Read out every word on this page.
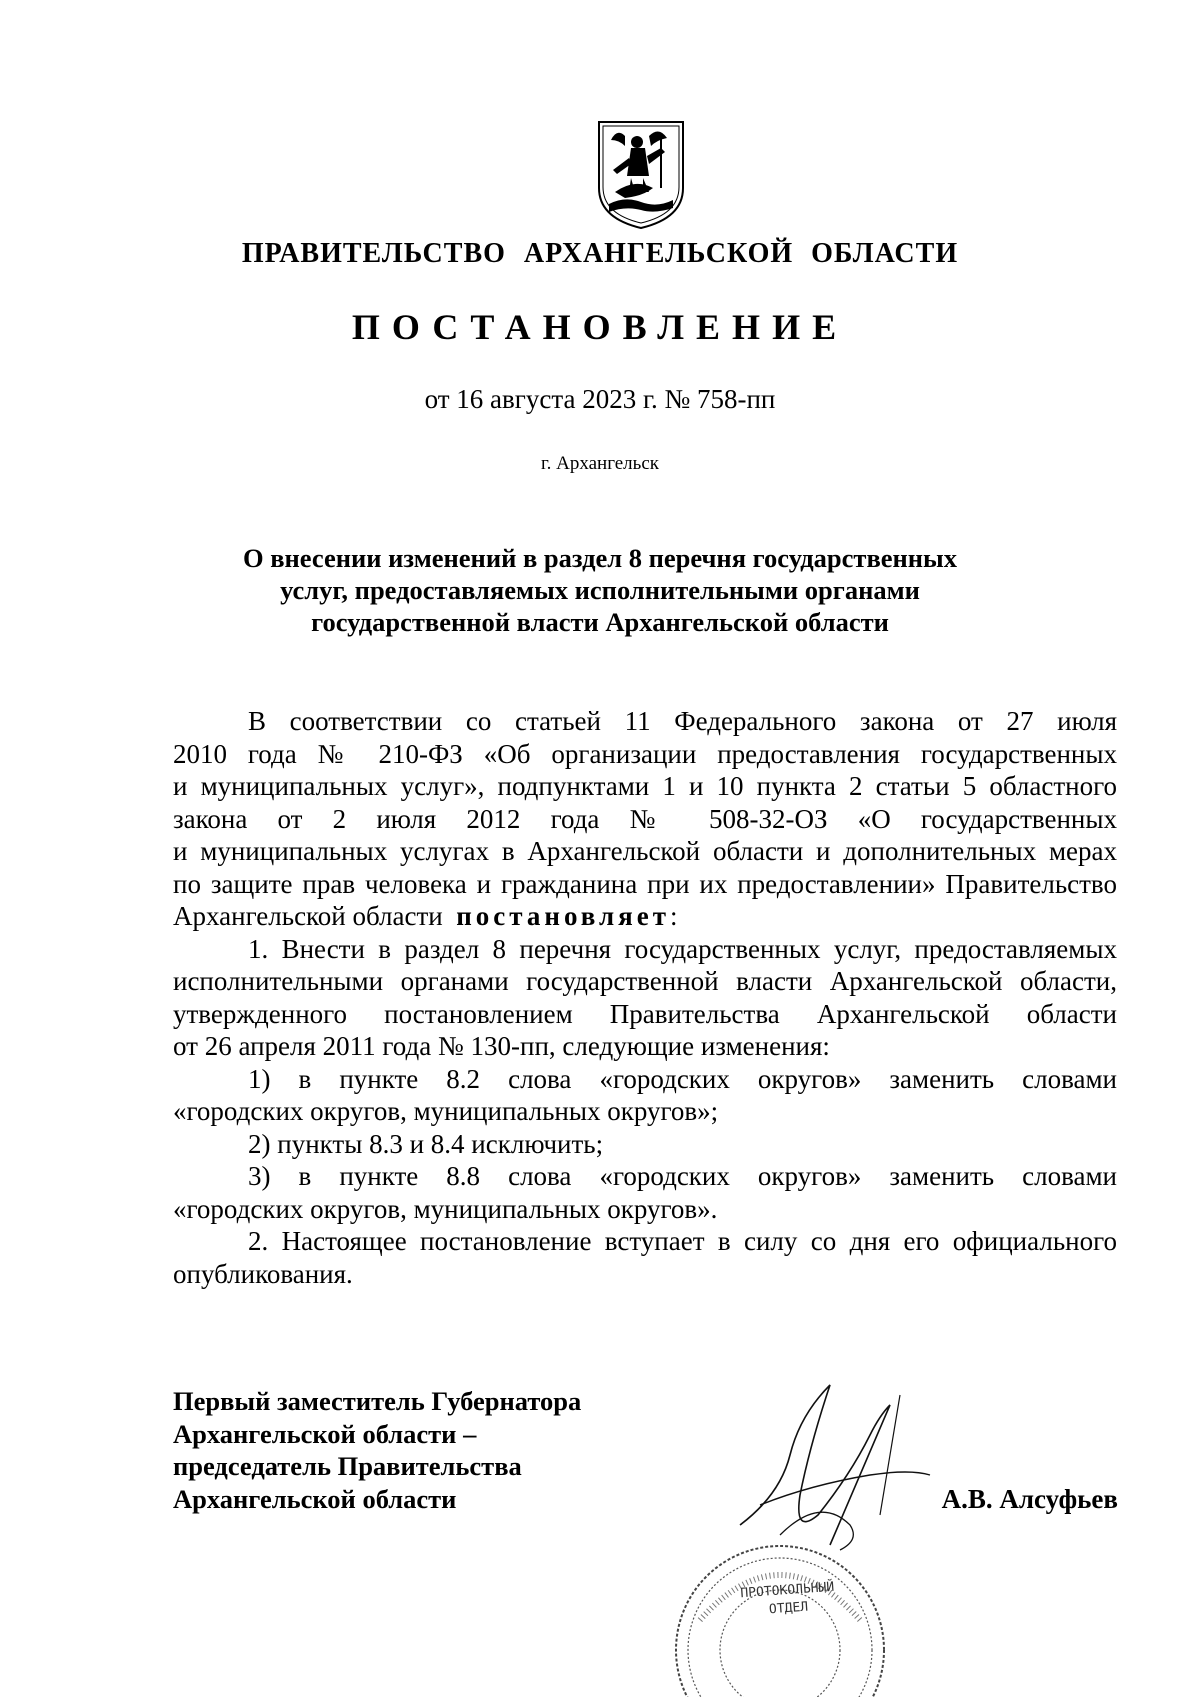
ПРАВИТЕЛЬСТВО АРХАНГЕЛЬСКОЙ ОБЛАСТИ
ПОСТАНОВЛЕНИЕ
от 16 августа 2023 г. № 758-пп
г. Архангельск
О внесении изменений в раздел 8 перечня государственных
услуг, предоставляемых исполнительными органами
государственной власти Архангельской области
В соответствии со статьей 11 Федерального закона от 27 июля
2010 года № 210-ФЗ «Об организации предоставления государственных
и муниципальных услуг», подпунктами 1 и 10 пункта 2 статьи 5 областного
закона от 2 июля 2012 года № 508-32-ОЗ «О государственных
и муниципальных услугах в Архангельской области и дополнительных мерах
по защите прав человека и гражданина при их предоставлении» Правительство
Архангельской области постановляет:
1. Внести в раздел 8 перечня государственных услуг, предоставляемых
исполнительными органами государственной власти Архангельской области,
утвержденного постановлением Правительства Архангельской области
от 26 апреля 2011 года № 130-пп, следующие изменения:
1) в пункте 8.2 слова «городских округов» заменить словами
«городских округов, муниципальных округов»;
2) пункты 8.3 и 8.4 исключить;
3) в пункте 8.8 слова «городских округов» заменить словами
«городских округов, муниципальных округов».
2. Настоящее постановление вступает в силу со дня его официального
опубликования.
Первый заместитель Губернатора
Архангельской области –
председатель Правительства
Архангельской области	А.В. Алсуфьев
ПРОТОКОЛЬНЫЙ
ОТДЕЛ
